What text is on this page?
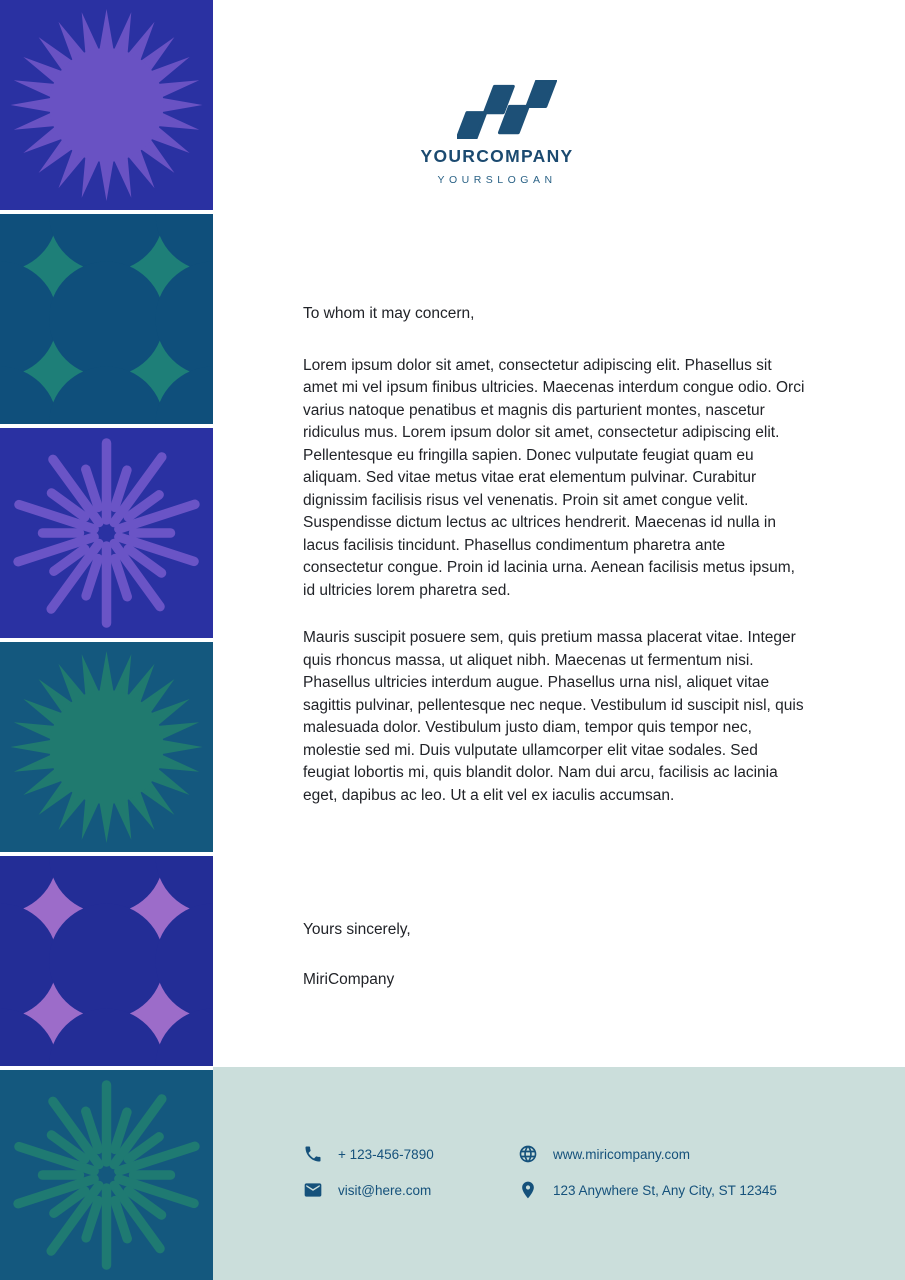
YOURCOMPANY
YOURSLOGAN

To whom it may concern,

Lorem ipsum dolor sit amet, consectetur adipiscing elit. Phasellus sit amet mi vel ipsum finibus ultricies. Maecenas interdum congue odio. Orci varius natoque penatibus et magnis dis parturient montes, nascetur ridiculus mus. Lorem ipsum dolor sit amet, consectetur adipiscing elit. Pellentesque eu fringilla sapien. Donec vulputate feugiat quam eu aliquam. Sed vitae metus vitae erat elementum pulvinar. Curabitur dignissim facilisis risus vel venenatis. Proin sit amet congue velit. Suspendisse dictum lectus ac ultrices hendrerit. Maecenas id nulla in lacus facilisis tincidunt. Phasellus condimentum pharetra ante consectetur congue. Proin id lacinia urna. Aenean facilisis metus ipsum, id ultricies lorem pharetra sed.

Mauris suscipit posuere sem, quis pretium massa placerat vitae. Integer quis rhoncus massa, ut aliquet nibh. Maecenas ut fermentum nisi. Phasellus ultricies interdum augue. Phasellus urna nisl, aliquet vitae sagittis pulvinar, pellentesque nec neque. Vestibulum id suscipit nisl, quis malesuada dolor. Vestibulum justo diam, tempor quis tempor nec, molestie sed mi. Duis vulputate ullamcorper elit vitae sodales. Sed feugiat lobortis mi, quis blandit dolor. Nam dui arcu, facilisis ac lacinia eget, dapibus ac leo. Ut a elit vel ex iaculis accumsan.

Yours sincerely,
MiriCompany
+ 123-456-7890
visit@here.com
www.miricompany.com
123 Anywhere St, Any City, ST 12345
